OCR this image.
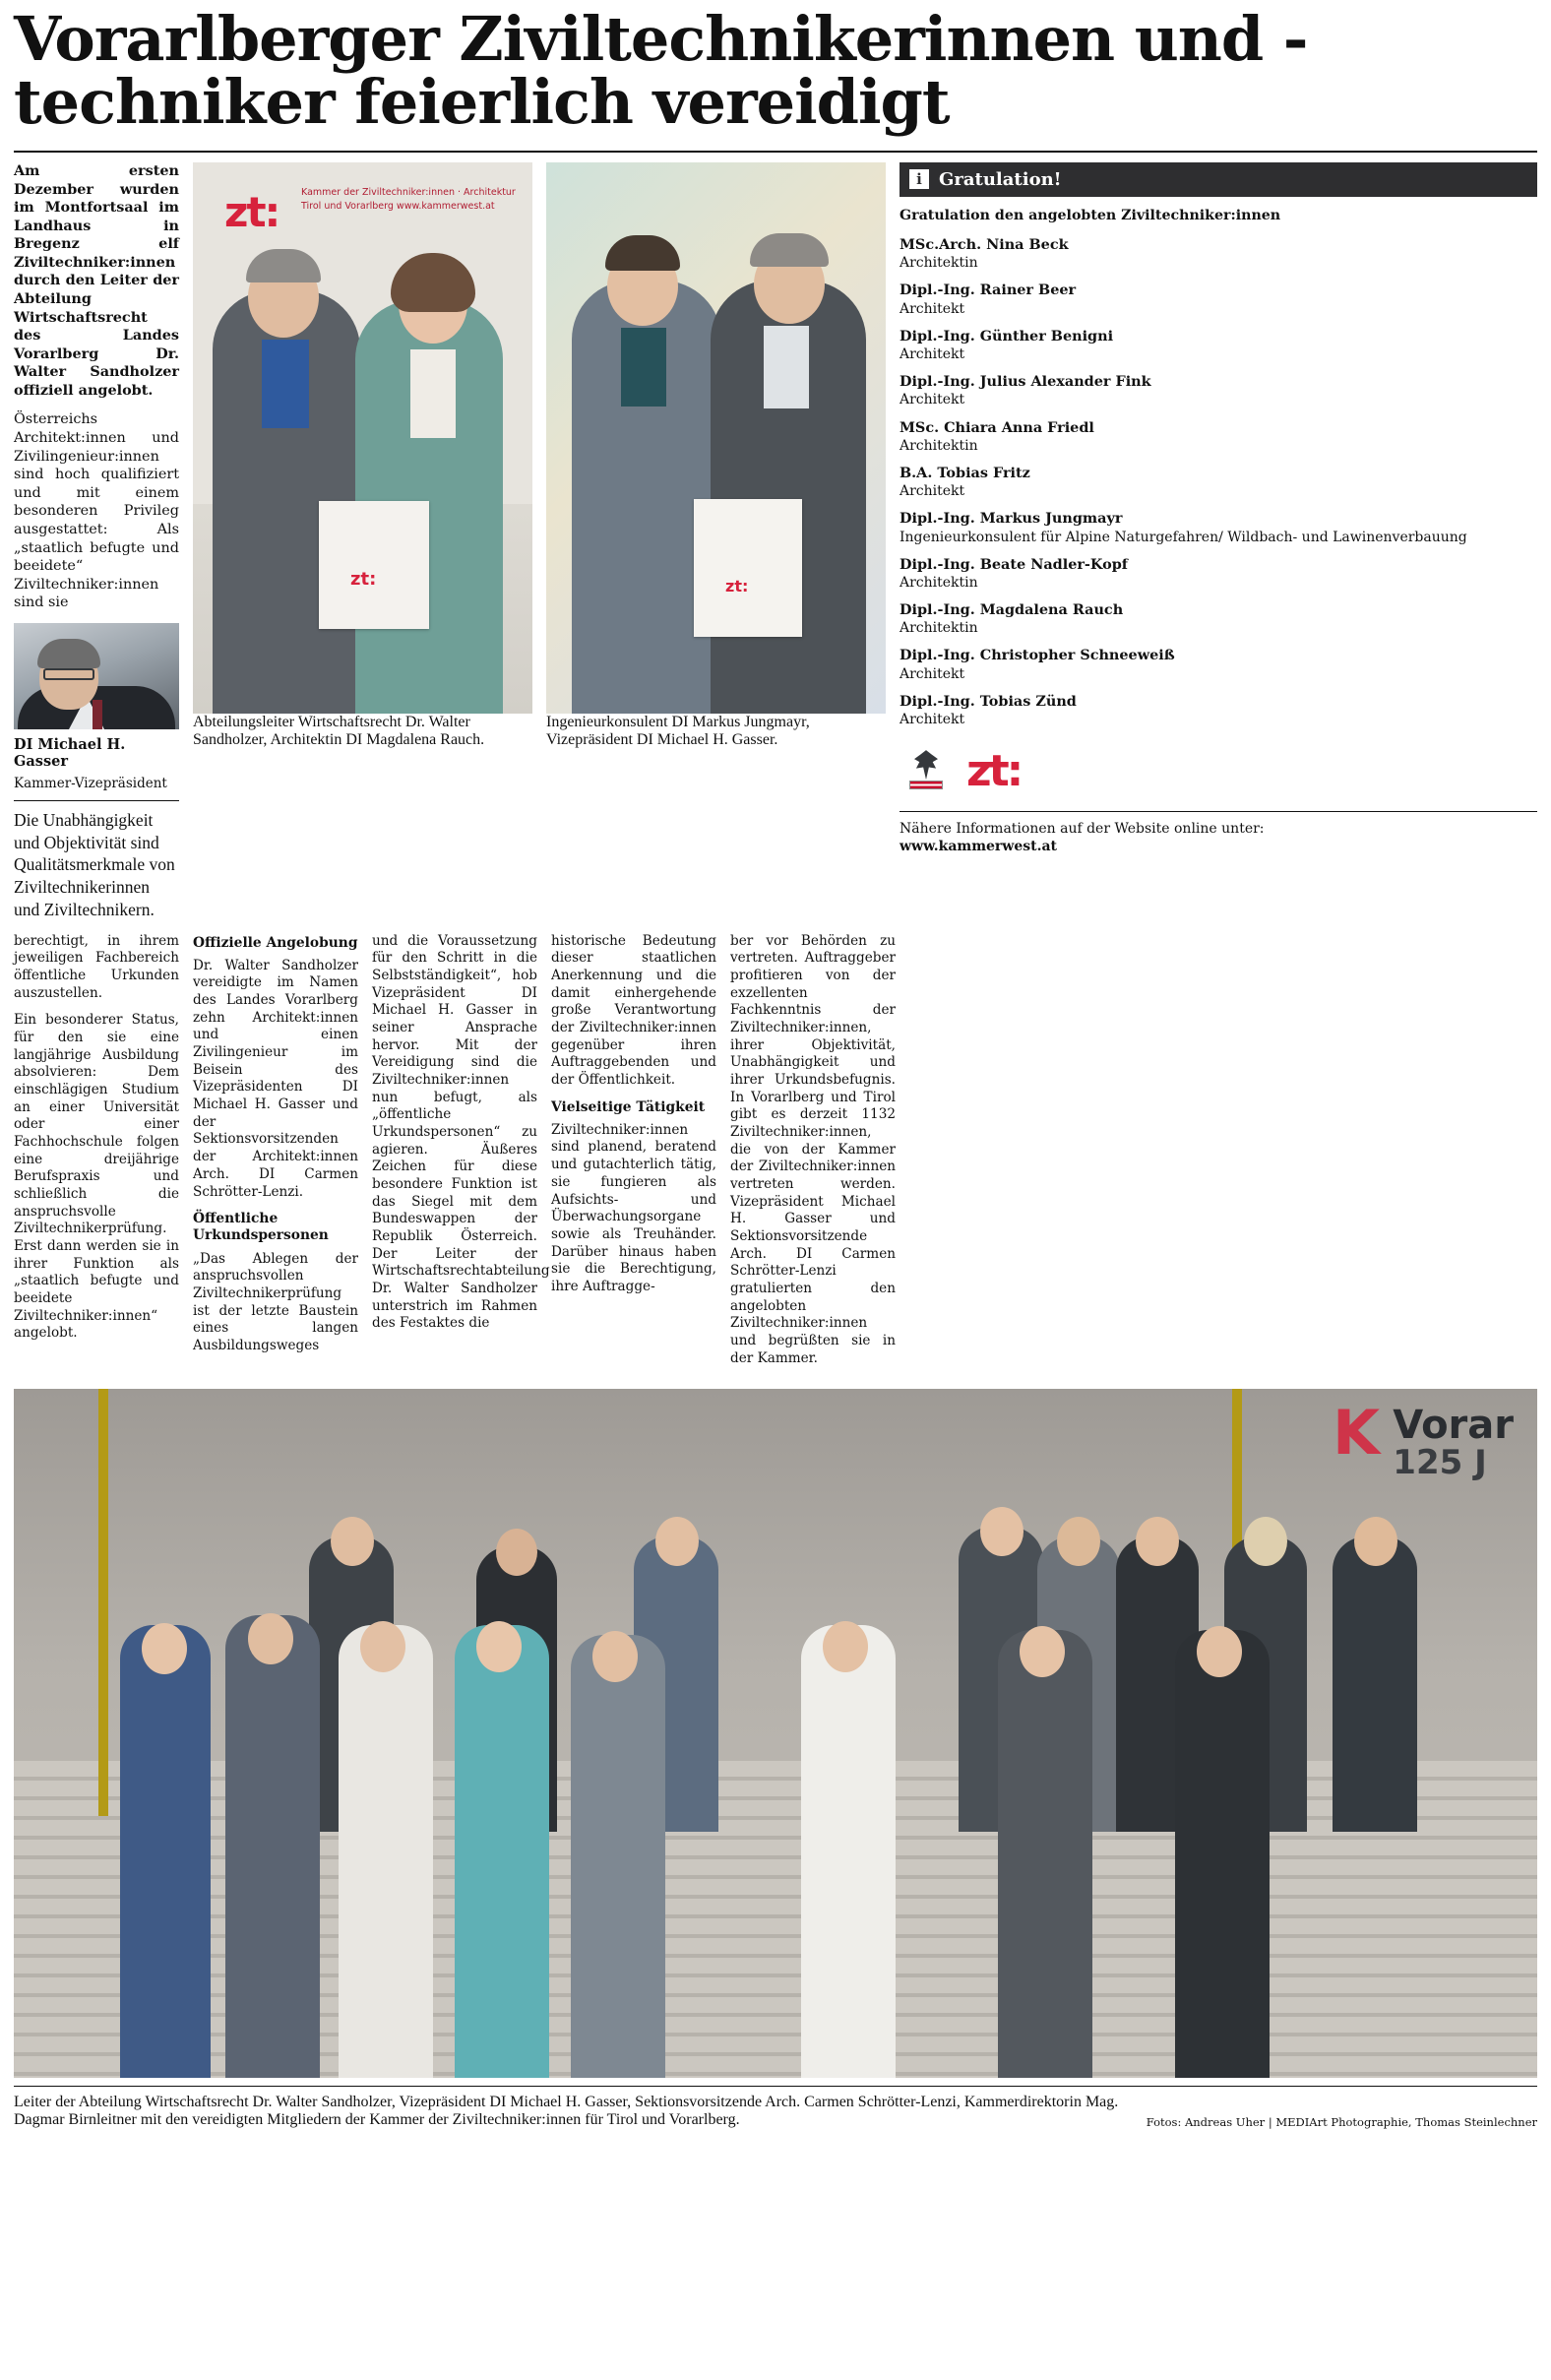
Vorarlberger Ziviltechnikerinnen und -techniker feierlich vereidigt

Am ersten Dezember wurden im Montfortsaal im Landhaus in Bregenz elf Ziviltechniker:innen durch den Leiter der Abteilung Wirtschaftsrecht des Landes Vorarlberg Dr. Walter Sandholzer offiziell angelobt.

Österreichs Architekt:innen und Zivilingenieur:innen sind hoch qualifiziert und mit einem besonderen Privileg ausgestattet: Als „staatlich befugte und beeidete“ Ziviltechniker:innen sind sie

DI Michael H. Gasser
Kammer-Vizepräsident
Die Unabhängigkeit und Objektivität sind Qualitätsmerkmale von Ziviltechnikerinnen und Ziviltechnikern.
zt: Kammer der Ziviltechniker:innen · Architektur Tirol und Vorarlberg www.kammerwest.at
zt:
Abteilungsleiter Wirtschaftsrecht Dr. Walter Sandholzer, Architektin DI Magdalena Rauch.
zt:
Ingenieurkonsulent DI Markus Jungmayr, Vizepräsident DI Michael H. Gasser.
i Gratulation!
Gratulation den angelobten Ziviltechniker:innen
MSc.Arch. Nina Beck
Architektin
Dipl.-Ing. Rainer Beer
Architekt
Dipl.-Ing. Günther Benigni
Architekt
Dipl.-Ing. Julius Alexander Fink
Architekt
MSc. Chiara Anna Friedl
Architektin
B.A. Tobias Fritz
Architekt
Dipl.-Ing. Markus Jungmayr
Ingenieurkonsulent für Alpine Naturgefahren/ Wildbach- und Lawinenverbauung
Dipl.-Ing. Beate Nadler-Kopf
Architektin
Dipl.-Ing. Magdalena Rauch
Architektin
Dipl.-Ing. Christopher Schneeweiß
Architekt
Dipl.-Ing. Tobias Zünd
Architekt
zt:
Nähere Informationen auf der Website online unter:
www.kammerwest.at

berechtigt, in ihrem jeweiligen Fachbereich öffentliche Urkunden auszustellen.

Ein besonderer Status, für den sie eine langjährige Ausbildung absolvieren: Dem einschlägigen Studium an einer Universität oder einer Fachhochschule folgen eine dreijährige Berufspraxis und schließlich die anspruchsvolle Ziviltechnikerprüfung. Erst dann werden sie in ihrer Funktion als „staatlich befugte und beeidete Ziviltechniker:innen“ angelobt.

Offizielle Angelobung

Dr. Walter Sandholzer vereidigte im Namen des Landes Vorarlberg zehn Architekt:innen und einen Zivilingenieur im Beisein des Vizepräsidenten DI Michael H. Gasser und der Sektionsvorsitzenden der Architekt:innen Arch. DI Carmen Schrötter-Lenzi.

Öffentliche Urkundspersonen

„Das Ablegen der anspruchsvollen Ziviltechnikerprüfung ist der letzte Baustein eines langen Ausbildungsweges

und die Voraussetzung für den Schritt in die Selbstständigkeit“, hob Vizepräsident DI Michael H. Gasser in seiner Ansprache hervor. Mit der Vereidigung sind die Ziviltechniker:innen nun befugt, als „öffentliche Urkundspersonen“ zu agieren. Äußeres Zeichen für diese besondere Funktion ist das Siegel mit dem Bundeswappen der Republik Österreich. Der Leiter der Wirtschaftsrechtabteilung Dr. Walter Sandholzer unterstrich im Rahmen des Festaktes die

historische Bedeutung dieser staatlichen Anerkennung und die damit einhergehende große Verantwortung der Ziviltechniker:innen gegenüber ihren Auftraggebenden und der Öffentlichkeit.

Vielseitige Tätigkeit

Ziviltechniker:innen sind planend, beratend und gutachterlich tätig, sie fungieren als Aufsichts- und Überwachungsorgane sowie als Treuhänder. Darüber hinaus haben sie die Berechtigung, ihre Auftragge-

ber vor Behörden zu vertreten. Auftraggeber profitieren von der exzellenten Fachkenntnis der Ziviltechniker:innen, ihrer Objektivität, Unabhängigkeit und ihrer Urkundsbefugnis. In Vorarlberg und Tirol gibt es derzeit 1132 Ziviltechniker:innen, die von der Kammer der Ziviltechniker:innen vertreten werden. Vizepräsident Michael H. Gasser und Sektionsvorsitzende Arch. DI Carmen Schrötter-Lenzi gratulierten den angelobten Ziviltechniker:innen und begrüßten sie in der Kammer.

K Vorar
125 J
Leiter der Abteilung Wirtschaftsrecht Dr. Walter Sandholzer, Vizepräsident DI Michael H. Gasser, Sektionsvorsitzende Arch. Carmen Schrötter-Lenzi, Kammerdirektorin Mag. Dagmar Birnleitner mit den vereidigten Mitgliedern der Kammer der Ziviltechniker:innen für Tirol und Vorarlberg.	Fotos: Andreas Uher | MEDIArt Photographie, Thomas Steinlechner
